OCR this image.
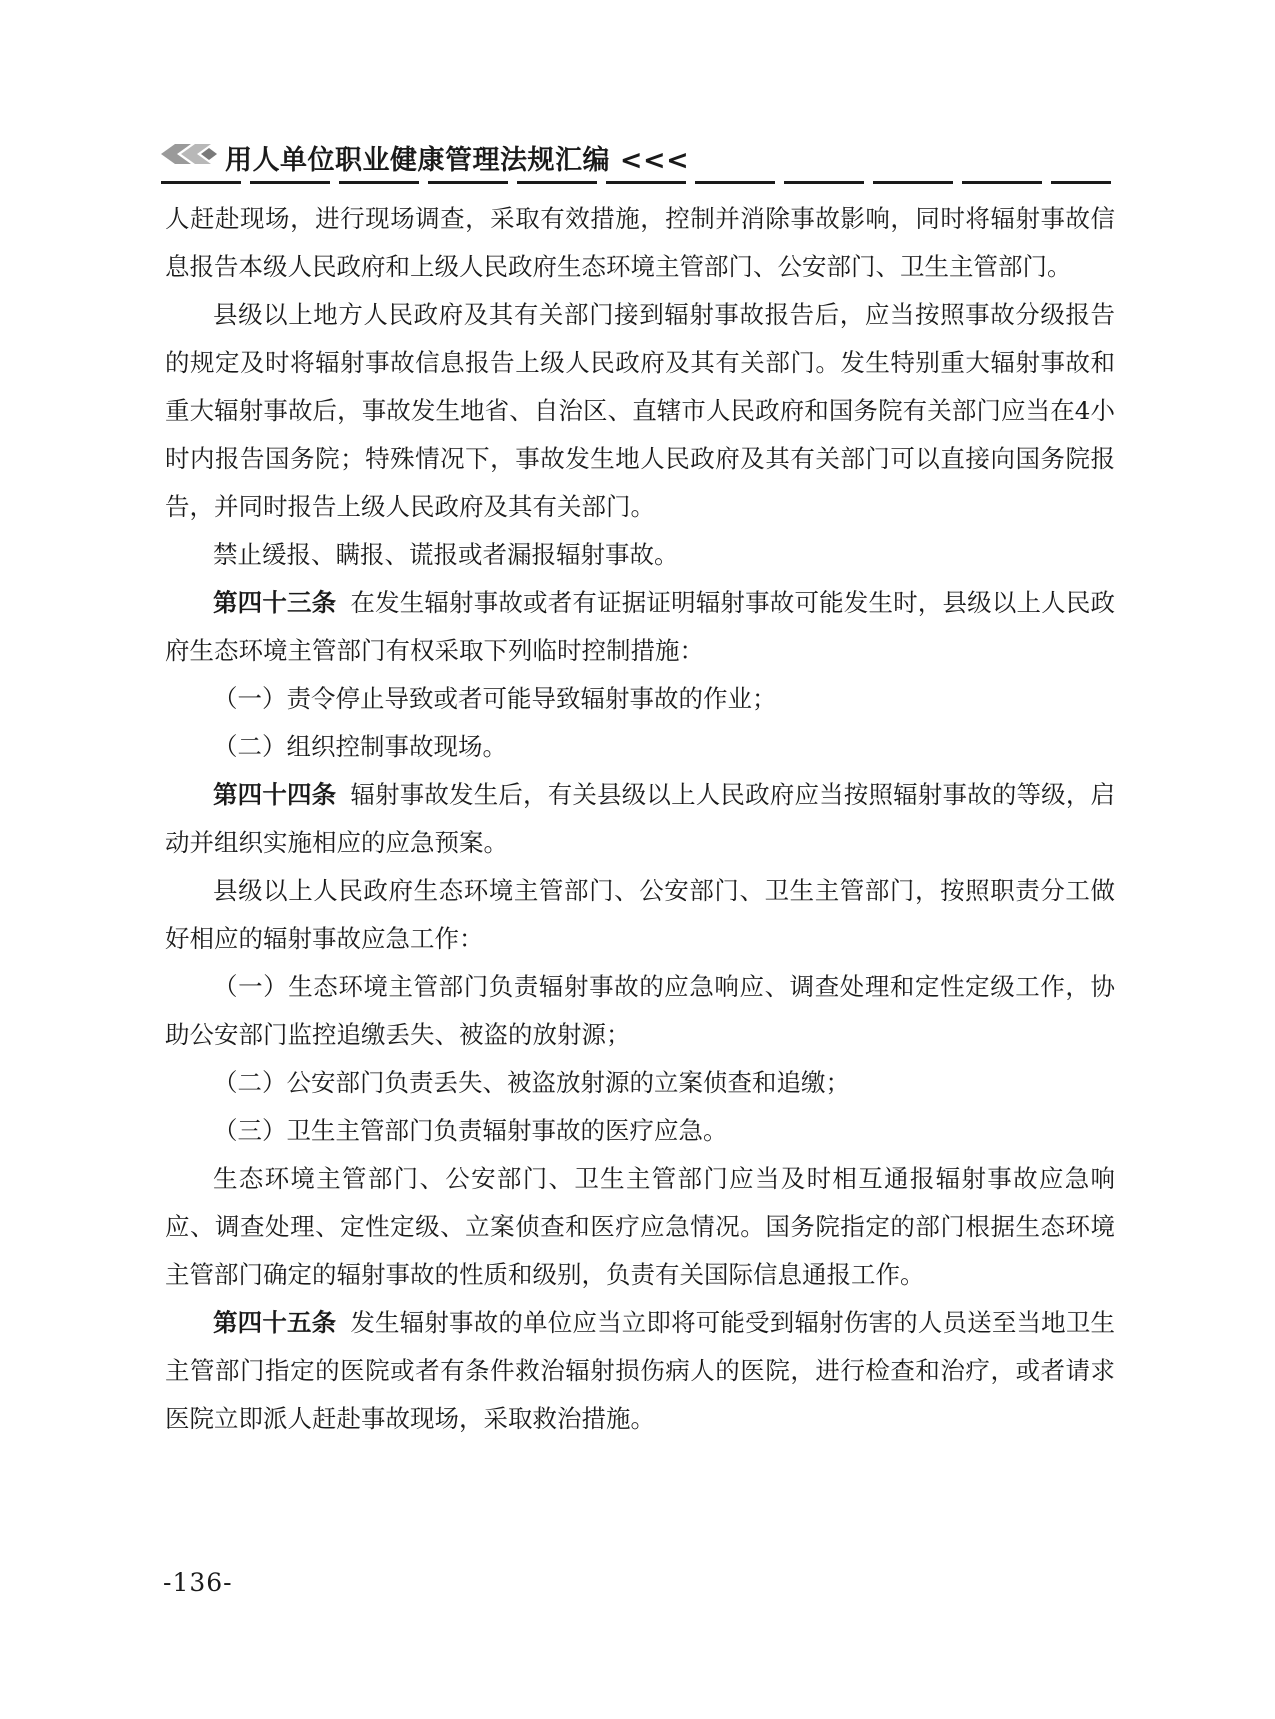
用人单位职业健康管理法规汇编 <<<

人赶赴现场，进行现场调查，采取有效措施，控制并消除事故影响，同时将辐射事故信息报告本级人民政府和上级人民政府生态环境主管部门、公安部门、卫生主管部门。

县级以上地方人民政府及其有关部门接到辐射事故报告后，应当按照事故分级报告的规定及时将辐射事故信息报告上级人民政府及其有关部门。发生特别重大辐射事故和重大辐射事故后，事故发生地省、自治区、直辖市人民政府和国务院有关部门应当在4小时内报告国务院；特殊情况下，事故发生地人民政府及其有关部门可以直接向国务院报告，并同时报告上级人民政府及其有关部门。

禁止缓报、瞒报、谎报或者漏报辐射事故。

第四十三条 在发生辐射事故或者有证据证明辐射事故可能发生时，县级以上人民政府生态环境主管部门有权采取下列临时控制措施：

（一）责令停止导致或者可能导致辐射事故的作业；

（二）组织控制事故现场。

第四十四条 辐射事故发生后，有关县级以上人民政府应当按照辐射事故的等级，启动并组织实施相应的应急预案。

县级以上人民政府生态环境主管部门、公安部门、卫生主管部门，按照职责分工做好相应的辐射事故应急工作：

（一）生态环境主管部门负责辐射事故的应急响应、调查处理和定性定级工作，协助公安部门监控追缴丢失、被盗的放射源；

（二）公安部门负责丢失、被盗放射源的立案侦查和追缴；

（三）卫生主管部门负责辐射事故的医疗应急。

生态环境主管部门、公安部门、卫生主管部门应当及时相互通报辐射事故应急响应、调查处理、定性定级、立案侦查和医疗应急情况。国务院指定的部门根据生态环境主管部门确定的辐射事故的性质和级别，负责有关国际信息通报工作。

第四十五条 发生辐射事故的单位应当立即将可能受到辐射伤害的人员送至当地卫生主管部门指定的医院或者有条件救治辐射损伤病人的医院，进行检查和治疗，或者请求医院立即派人赶赴事故现场，采取救治措施。

-136-
